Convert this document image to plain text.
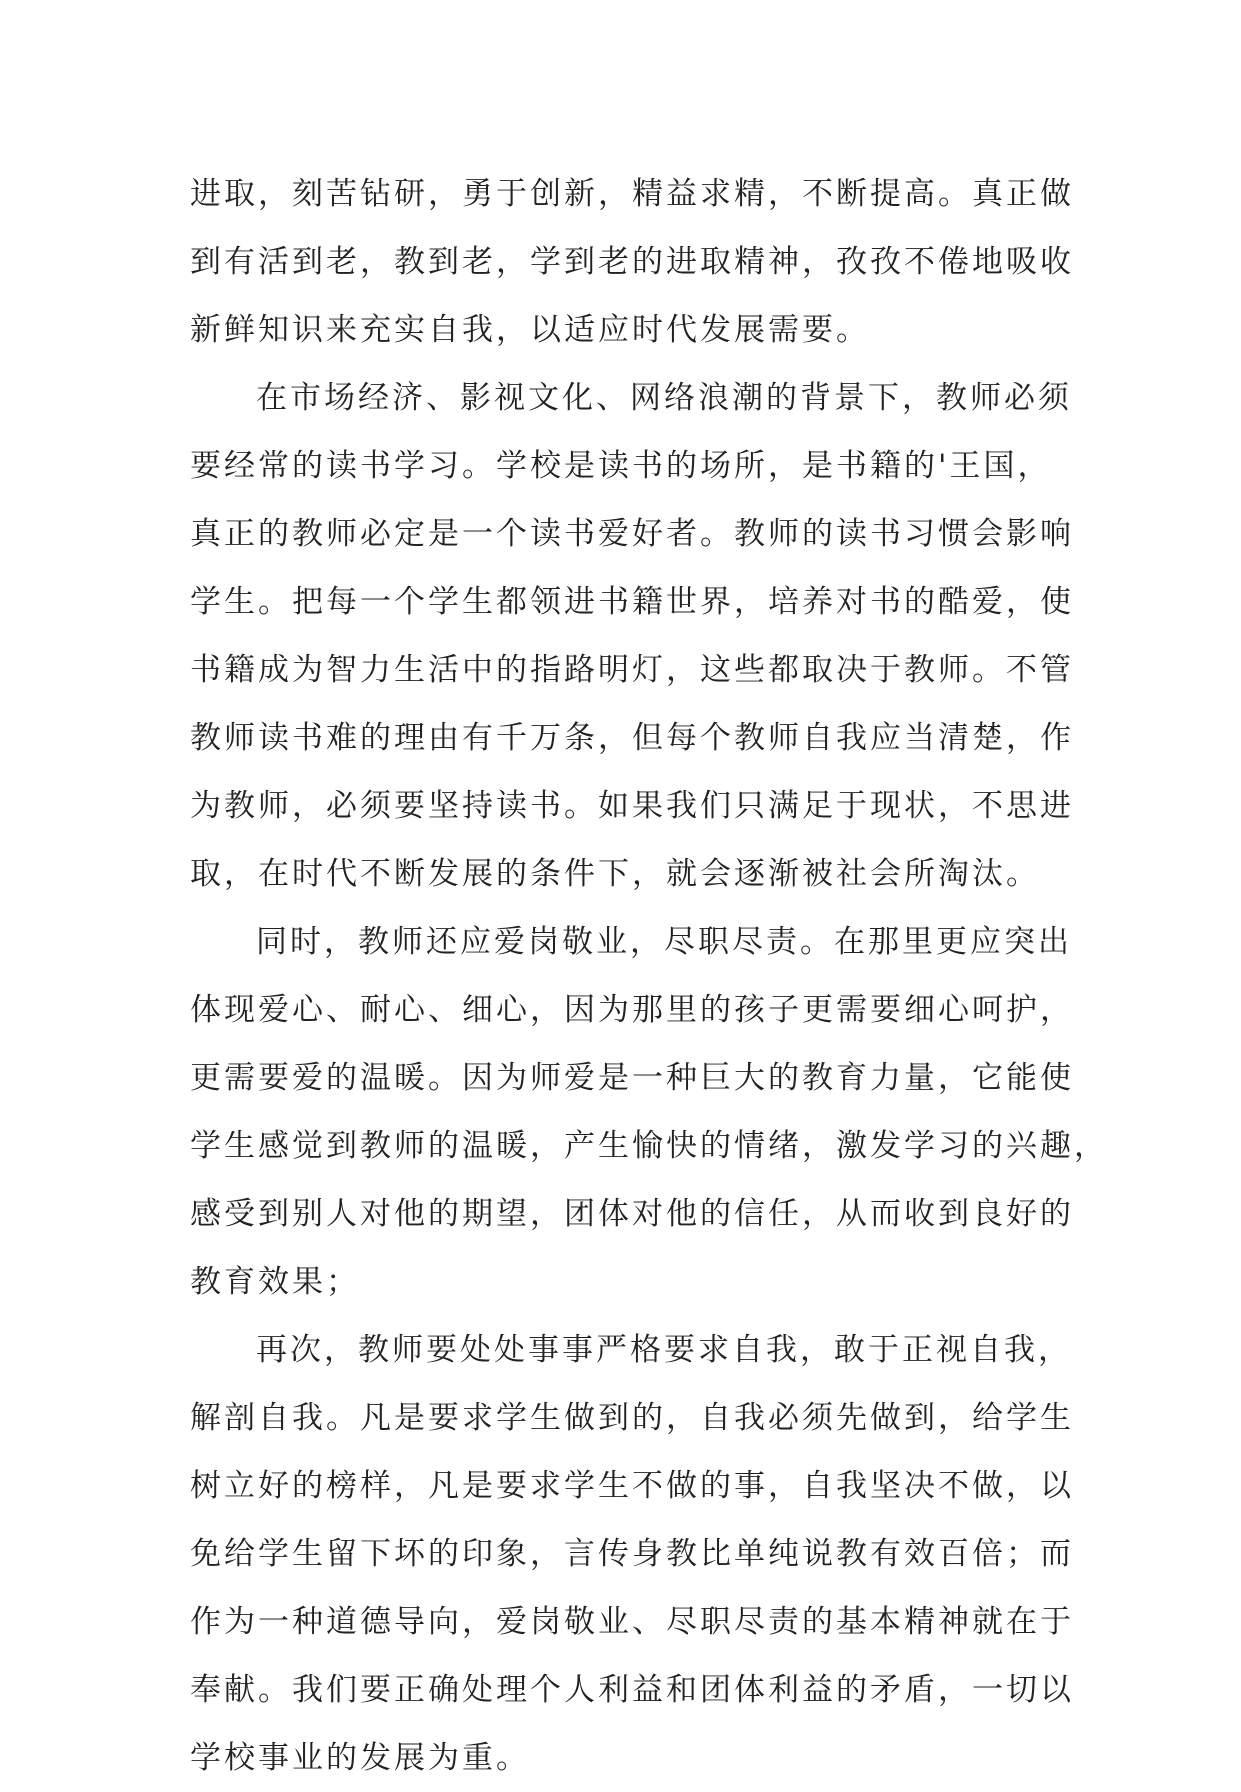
进取，刻苦钻研，勇于创新，精益求精，不断提高。真正做
到有活到老，教到老，学到老的进取精神，孜孜不倦地吸收
新鲜知识来充实自我，以适应时代发展需要。
在市场经济、影视文化、网络浪潮的背景下，教师必须
要经常的读书学习。学校是读书的场所，是书籍的'王国，
真正的教师必定是一个读书爱好者。教师的读书习惯会影响
学生。把每一个学生都领进书籍世界，培养对书的酷爱，使
书籍成为智力生活中的指路明灯，这些都取决于教师。不管
教师读书难的理由有千万条，但每个教师自我应当清楚，作
为教师，必须要坚持读书。如果我们只满足于现状，不思进
取，在时代不断发展的条件下，就会逐渐被社会所淘汰。
同时，教师还应爱岗敬业，尽职尽责。在那里更应突出
体现爱心、耐心、细心，因为那里的孩子更需要细心呵护，
更需要爱的温暖。因为师爱是一种巨大的教育力量，它能使
学生感觉到教师的温暖，产生愉快的情绪，激发学习的兴趣，
感受到别人对他的期望，团体对他的信任，从而收到良好的
教育效果；
再次，教师要处处事事严格要求自我，敢于正视自我，
解剖自我。凡是要求学生做到的，自我必须先做到，给学生
树立好的榜样，凡是要求学生不做的事，自我坚决不做，以
免给学生留下坏的印象，言传身教比单纯说教有效百倍；而
作为一种道德导向，爱岗敬业、尽职尽责的基本精神就在于
奉献。我们要正确处理个人利益和团体利益的矛盾，一切以
学校事业的发展为重。
